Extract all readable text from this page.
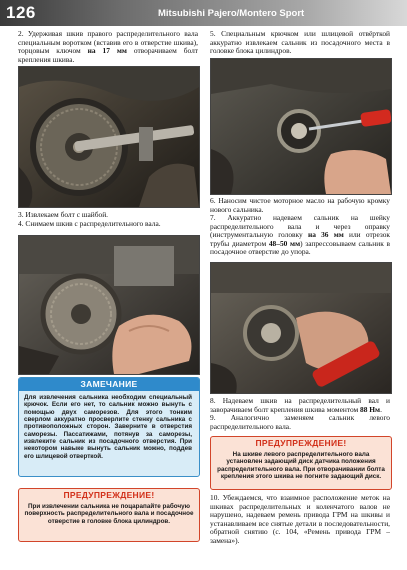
126	Mitsubishi Pajero/Montero Sport
2. Удерживая шкив правого распределительного вала специальным воротком (вставив его в отверстие шкива), торцовым ключом на 17 мм отворачиваем болт крепления шкива.
3. Извлекаем болт с шайбой.
4. Снимаем шкив с распределительного вала.
ЗАМЕЧАНИЕ
Для извлечения сальника необходим специальный крючок. Если его нет, то сальник можно вынуть с помощью двух саморезов. Для этого тонким сверлом аккуратно просверлите стенку сальника с противоположных сторон. Заверните в отверстия саморезы. Пассатижами, потянув за саморезы, извлеките сальник из посадочного отверстия. При некотором навыке вынуть сальник можно, поддев его шлицевой отверткой.
ПРЕДУПРЕЖДЕНИЕ!
При извлечении сальника не поцарапайте рабочую поверхность распределительного вала и посадочное отверстие в головке блока цилиндров.
5. Специальным крючком или шлицевой отвёрткой аккуратно извлекаем сальник из посадочного места в головке блока цилиндров.
6. Наносим чистое моторное масло на рабочую кромку нового сальника.
7. Аккуратно надеваем сальник на шейку распределительного вала и через оправку (инструментальную головку на 36 мм или отрезок трубы диаметром 48–50 мм) запрессовываем сальник в посадочное отверстие до упора.
8. Надеваем шкив на распределительный вал и заворачиваем болт крепления шкива моментом 88 Нм.
9. Аналогично заменяем сальник левого распределительного вала.
ПРЕДУПРЕЖДЕНИЕ!
На шкиве левого распределительного вала установлен задающий диск датчика положения распределительного вала. При отворачивании болта крепления этого шкива не погните задающий диск.
10. Убеждаемся, что взаимное расположение меток на шкивах распределительных и коленчатого валов не нарушено, надеваем ремень привода ГРМ на шкивы и устанавливаем все снятые детали в последовательности, обратной снятию (с. 104, «Ремень привода ГРМ – замена»).
